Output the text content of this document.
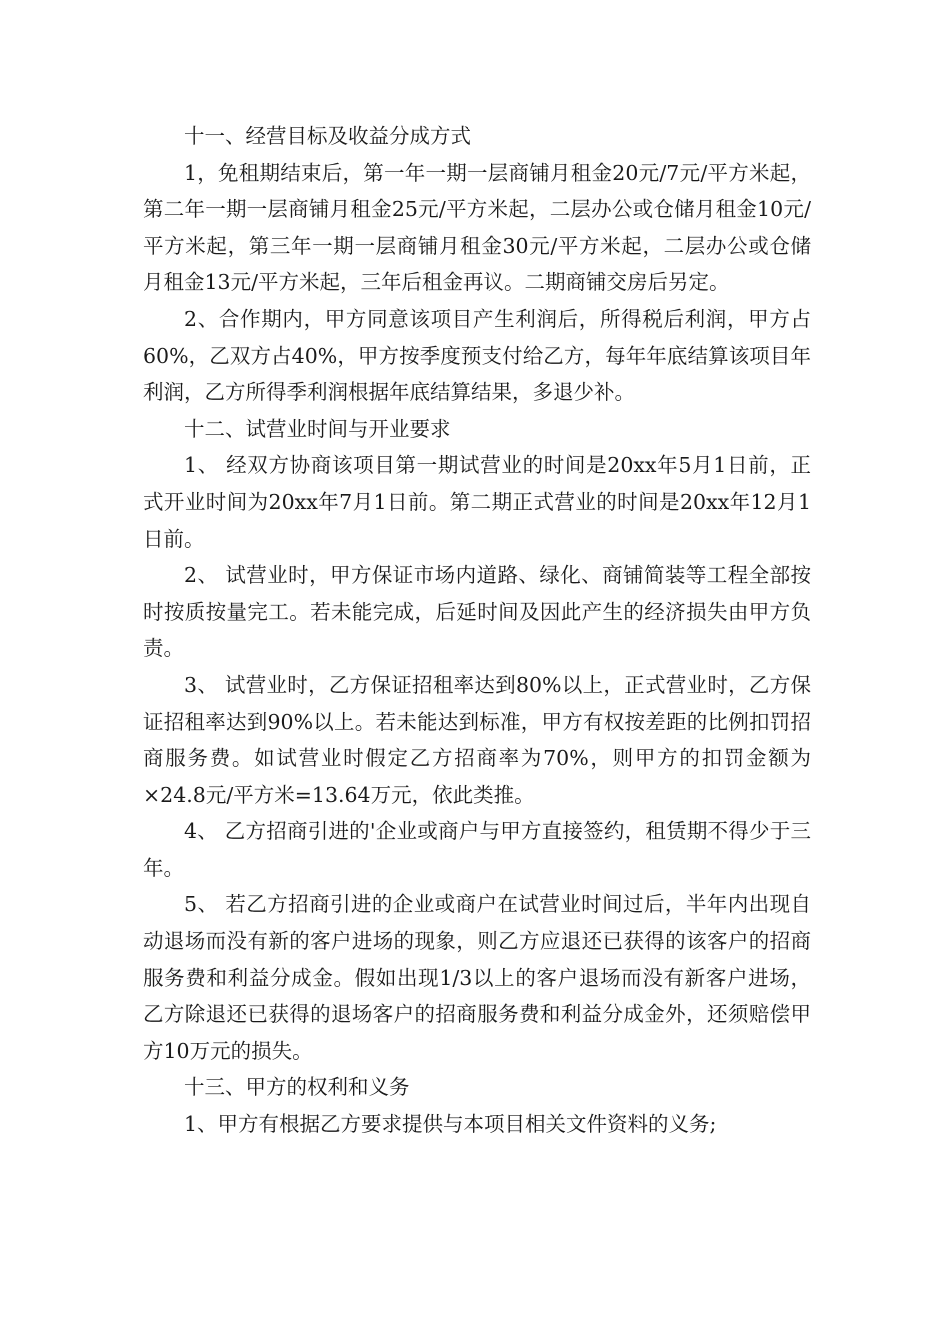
十一、经营目标及收益分成方式

1，免租期结束后，第一年一期一层商铺月租金20元/7元/平方米起，第二年一期一层商铺月租金25元/平方米起，二层办公或仓储月租金10元/平方米起，第三年一期一层商铺月租金30元/平方米起，二层办公或仓储月租金13元/平方米起，三年后租金再议。二期商铺交房后另定。

2、合作期内，甲方同意该项目产生利润后，所得税后利润，甲方占60%，乙双方占40%，甲方按季度预支付给乙方，每年年底结算该项目年利润，乙方所得季利润根据年底结算结果，多退少补。

十二、试营业时间与开业要求

1、 经双方协商该项目第一期试营业的时间是20xx年5月1日前，正式开业时间为20xx年7月1日前。第二期正式营业的时间是20xx年12月1日前。

2、 试营业时，甲方保证市场内道路、绿化、商铺简装等工程全部按时按质按量完工。若未能完成，后延时间及因此产生的经济损失由甲方负责。

3、 试营业时，乙方保证招租率达到80%以上，正式营业时，乙方保证招租率达到90%以上。若未能达到标准，甲方有权按差距的比例扣罚招商服务费。如试营业时假定乙方招商率为70%，则甲方的扣罚金额为×24.8元/平方米=13.64万元，依此类推。

4、 乙方招商引进的'企业或商户与甲方直接签约，租赁期不得少于三年。

5、 若乙方招商引进的企业或商户在试营业时间过后，半年内出现自动退场而没有新的客户进场的现象，则乙方应退还已获得的该客户的招商服务费和利益分成金。假如出现1/3以上的客户退场而没有新客户进场，乙方除退还已获得的退场客户的招商服务费和利益分成金外，还须赔偿甲方10万元的损失。

十三、甲方的权利和义务

1、甲方有根据乙方要求提供与本项目相关文件资料的义务;
